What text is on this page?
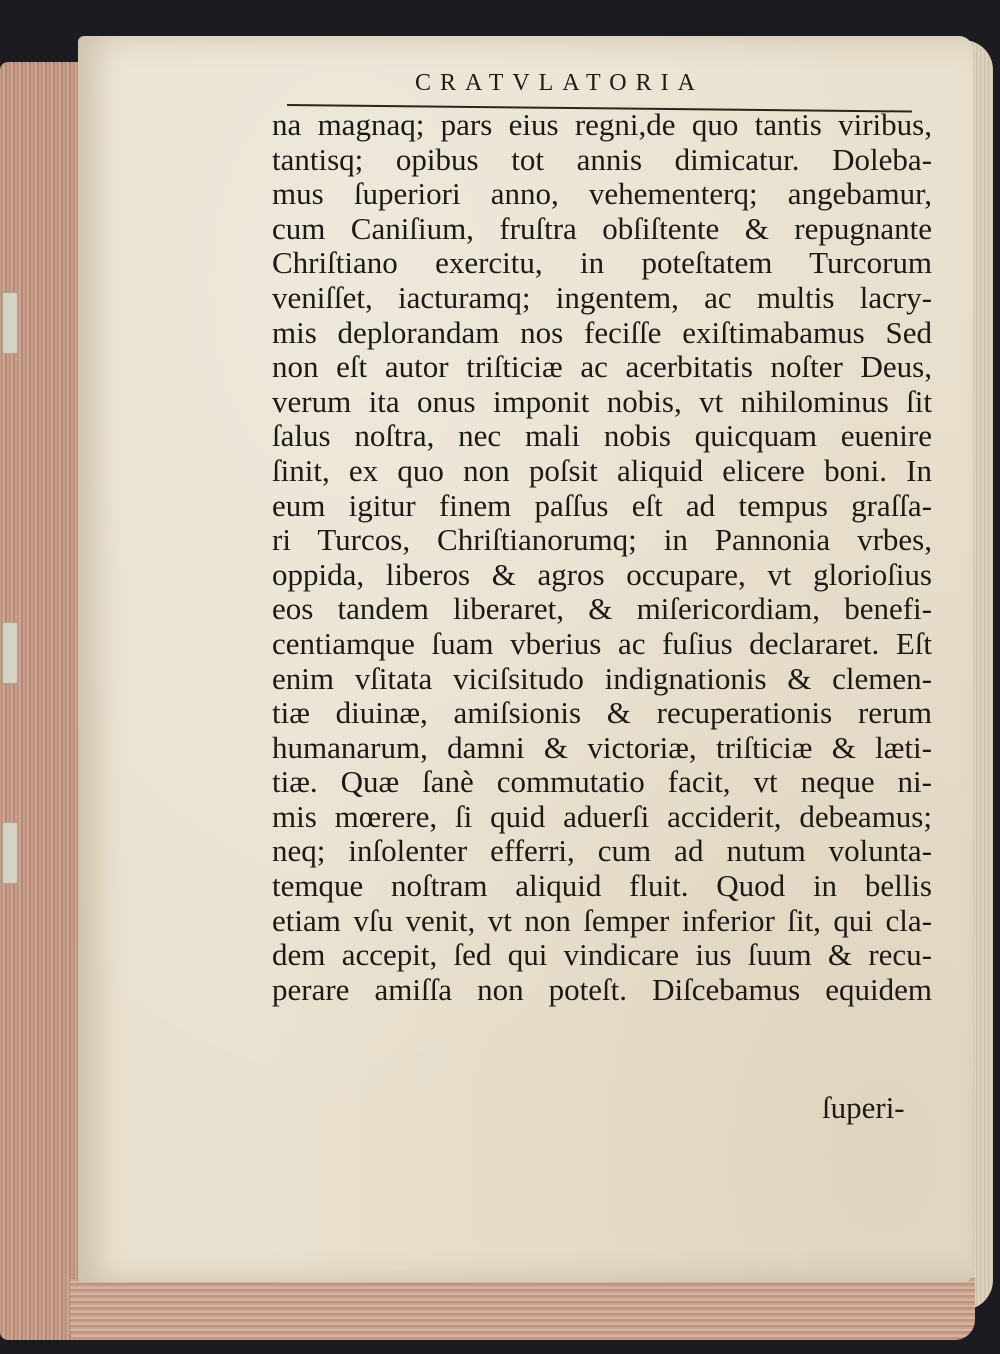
CRATVLATORIA
na magnaq; pars eius regni,de quo tantis viribus,
tantisq; opibus tot annis dimicatur. Doleba-
mus ſuperiori anno, vehementerq; angebamur,
cum Caniſium, fruſtra obſiſtente & repugnante
Chriſtiano exercitu, in poteſtatem Turcorum
veniſſet, iacturamq; ingentem, ac multis lacry-
mis deplorandam nos feciſſe exiſtimabamus Sed
non eſt autor triſticiæ ac acerbitatis noſter Deus,
verum ita onus imponit nobis, vt nihilominus ſit
ſalus noſtra, nec mali nobis quicquam euenire
ſinit, ex quo non poſsit aliquid elicere boni. In
eum igitur finem paſſus eſt ad tempus graſſa-
ri Turcos, Chriſtianorumq; in Pannonia vrbes,
oppida, liberos & agros occupare, vt glorioſius
eos tandem liberaret, & miſericordiam, benefi-
centiamque ſuam vberius ac fuſius declararet. Eſt
enim vſitata viciſsitudo indignationis & clemen-
tiæ diuinæ, amiſsionis & recuperationis rerum
humanarum, damni & victoriæ, triſticiæ & læti-
tiæ. Quæ ſanè commutatio facit, vt neque ni-
mis mœrere, ſi quid aduerſi acciderit, debeamus;
neq; inſolenter efferri, cum ad nutum volunta-
temque noſtram aliquid fluit. Quod in bellis
etiam vſu venit, vt non ſemper inferior ſit, qui cla-
dem accepit, ſed qui vindicare ius ſuum & recu-
perare amiſſa non poteſt. Diſcebamus equidem
ſuperi-
